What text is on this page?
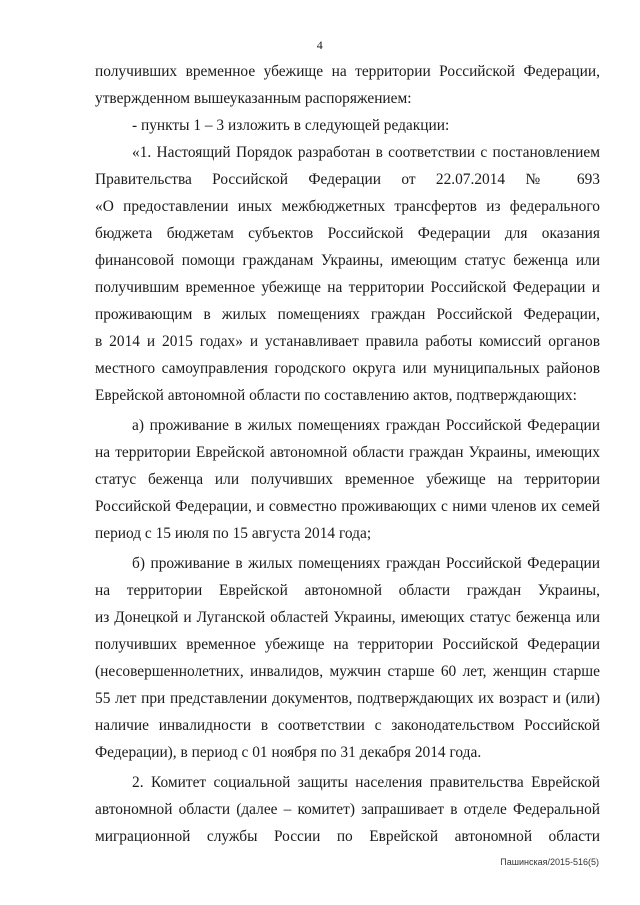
4
получивших временное убежище на территории Российской Федерации,
утвержденном вышеуказанным распоряжением:
- пункты 1 – 3 изложить в следующей редакции:
«1. Настоящий Порядок разработан в соответствии с постановлением
Правительства Российской Федерации от 22.07.2014 № 693
«О предоставлении иных межбюджетных трансфертов из федерального
бюджета бюджетам субъектов Российской Федерации для оказания
финансовой помощи гражданам Украины, имеющим статус беженца или
получившим временное убежище на территории Российской Федерации и
проживающим в жилых помещениях граждан Российской Федерации,
в 2014 и 2015 годах» и устанавливает правила работы комиссий органов
местного самоуправления городского округа или муниципальных районов
Еврейской автономной области по составлению актов, подтверждающих:
а) проживание в жилых помещениях граждан Российской Федерации
на территории Еврейской автономной области граждан Украины, имеющих
статус беженца или получивших временное убежище на территории
Российской Федерации, и совместно проживающих с ними членов их семей
период с 15 июля по 15 августа 2014 года;
б) проживание в жилых помещениях граждан Российской Федерации
на территории Еврейской автономной области граждан Украины,
из Донецкой и Луганской областей Украины, имеющих статус беженца или
получивших временное убежище на территории Российской Федерации
(несовершеннолетних, инвалидов, мужчин старше 60 лет, женщин старше
55 лет при представлении документов, подтверждающих их возраст и (или)
наличие инвалидности в соответствии с законодательством Российской
Федерации), в период с 01 ноября по 31 декабря 2014 года.
2. Комитет социальной защиты населения правительства Еврейской
автономной области (далее – комитет) запрашивает в отделе Федеральной
миграционной службы России по Еврейской автономной области
Пашинская/2015-516(5)
